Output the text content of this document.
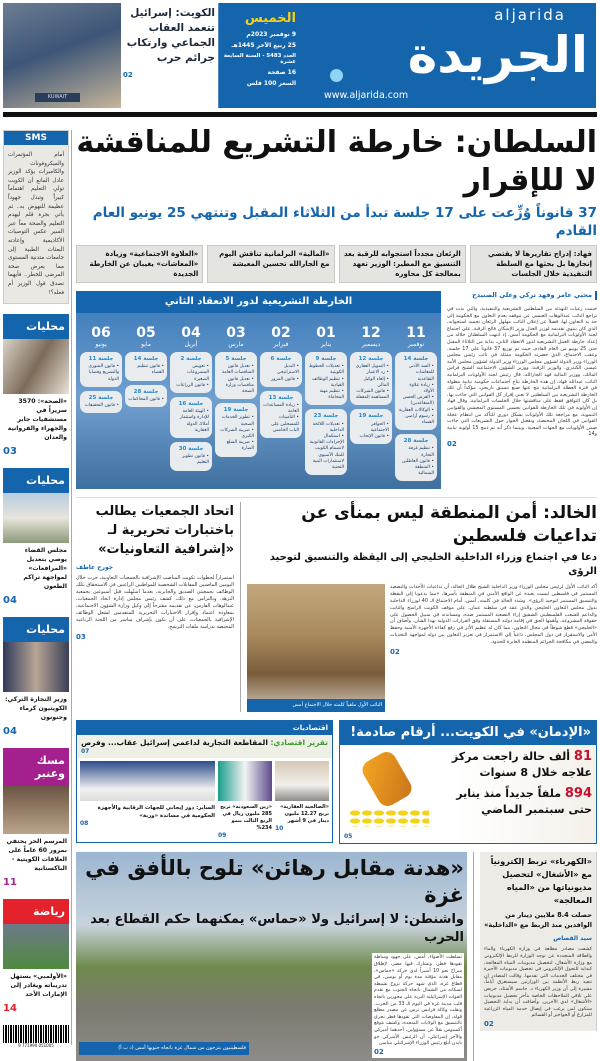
KUWAIT
الكويت: إسرائيل تتعمد العقاب الجماعي وارتكاب جرائم حرب
02
الخميس
9 نوفمبر 2023م
25 ربيع الآخر 1445هـ
العدد 5483 - السنة السابعة عشرة
16 صفحة
السعر 100 فلس
aljarida
الجريدة
www.aljarida.com
SMS
أمام المؤتمرات والميكروفونات والكاميرات يؤكد الوزير عادل المانع أن الكويت تولي التعليم اهتماماً كبيراً وتبذل جهوداً عظيمة للنهوض به.. ثم يأتي بجرة قلم ليهدم التعليم والصحة معاً عبر السير عكس التوصيات الأكاديمية وإعادته البعثات الطبية إلى جامعات متدنية المستوى مما يعرض صحة المرضى للخطر.. فأيهما نصدق قول الوزير أم فعله؟!
محليات
«الصحة»: 3570 سريراً في مستشفيات جابر والجهراء والفروانية والعدان
03
محليات
مجلس القضاء يوصي بتعديل «المرافعات» لمواجهة تراكم الطعون
04
محليات
وزير التجارة التركي: الكويتيون كرماء وحنونون
04
مسك وعنبر
المرسم الحر يحتفي بمرور 60 عاماً على العلاقات الكويتية - الباكستانية
11
رياضة
«الأولمبي» يستهل تدريباته ويغادر إلى الإمارات الأحد
14
9 771990 051005
السلطان: خارطة التشريع للمناقشة لا للإقرار
37 قانوناً وُزِّعت على 17 جلسة تبدأ من الثلاثاء المقبل وتنتهي 25 يونيو العام القادم
فهاد: إدراج تقاريرها لا يقتضي إنجازها بل بحثها مع السلطة التنفيذية خلال الجلسات
الرئعان مجدداً استجوابه للرقبة بعد التنسيق مع المطير: الوزير تعهد بمعالجة كل محاوره
«المالية» البرلمانية تناقش اليوم مع الجارالله تحسين المعيشة
«العلاوة الاجتماعية» وزيادة «المعاشات» يغيبان عن الخارطة الجديدة
محيي عامر وفهد تركي وعلي الصنيدح
خيمت رغبات التهدئة بين السلطتين التشريعية والتنفيذية، والتي بدت في تراجع النائب عبدالوهاب العيسى عن موقفه بعدم التعاون مع الحكومة إلى حد بد التعاون لها، فضلاً عن إعلان النائب مهلهل الرئعان تجميد استجوابه، الذي كان ينتوي تقديمه لوزير العدل وزير الإسكان فالح الرقبة، على اجتماع لجنة الأولويات البرلمانية مع الحكومة أمس، إذ انتهت السلطتان خلاله من إعداد خارطة العمل التشريعية لدور الانعقاد الثاني، بداية من الثلاثاء المقبل حتى 25 يونيو من العام القادم، حيث تم توزيع 37 قانوناً على 17 جلسة. وعقب الاجتماع، الذي حضرته الحكومة ممثلة في نائب رئيس مجلس الوزراء وزير الدولة لشؤون مجلس الوزراء وزير الدولة لشؤون مجلس الأمة عيسى الكندري، والوزير الرقبة، ووزير الشؤون الاجتماعية الشيخ فراس المالك، ووزير المالية فهد الجارالله، قال رئيس لجنة الأولويات البرلمانية النائب عبدالله فهاد، إن هذه الخارطة نتاج اجتماعات حكومية نيابية مطولة في فترة العطلة البرلمانية نتج عنها صنع تنسيق تاريخي، مؤكداً أن تلك الخارطة التشريعية بين السلطتين لا تعني إقرار كل القوانين التي جاءت بها، بل كان التوافق فقط على مناقشتها خلال الجلسات البرلمانية. وقال فهاد إن الأولوية في تلك الخارطة للقوانين تحسين المستوى المعيشي والقوانين التنموية، مع مراجعة تلك الأولويات بشكل دوري للتأكد من انتظام عجلة القوانين في اللجان المختصة، وتفعيل الحوار حول التشريعات التي جاءت ضمن الأولويات مع الجهات المعنية. وبينما ذكر أنه تم دمج 15 أولوية نيابية و14
02
الخارطة التشريعية لدور الانعقاد الثاني
11
نوفمبر
جلسة 14
• السد الأدنى للمعاشات التقاعدية
• زيادة علاوة الأولاد
• القرض الحسن (المتقاعدين)
• الوكالات العقارية
• رسوم أراضي الفضاء
جلسة 28
• تنظيم غرفة التجارة
• قانون العاطلين
• المنطقة الشمالية
12
ديسمبر
جلسة 12
• التمويل العقاري
• رد الاعتبار
• إلغاء الوكيل المالي
• قانون الشركات المساهمة المقفلة
جلسة 19
• الحوافز الاجتماعية
• قانون الإنجاب
01
يناير
جلسة 9
• تعديلات الخطوط الكويتية
• تنظيم الوظائف القيادية
• تنظيم مهنة المحاماة
جلسة 23
• تعديلات اللائحة الداخلية
• استكمال الإجراءات القانونية لانضمام الكويت للبنك الآسيوي لاستثمارات البنية التحتية
02
فبراير
جلسة 6
• البديل الاستراتيجي
• قانون المرور
جلسة 13
• زيادة المساعدات العامة
• التأمينات للمسجلين على الباب الخامس
03
مارس
جلسة 5
• تعديل قانون المناقصات العامة
• تعديل قانون مناقصات وزارة الصحة
جلسة 19
• تطوير الخدمات الصحية
• ضريبة الشركات الكبرى
• ضريبة السلع الضارة
04
أبريل
جلسة 2
• تعويض المشروعات الصغيرة
• قانون الزراعات
جلسة 16
• الهيئة العامة للإدارة واستثمار أملاك الدولة العقارية
جلسة 30
• قانون تطوير التعليم
05
مايو
جلسة 14
• قانون تنظيم القضاء
جلسة 28
• قانون المحاكمات
06
يونيو
جلسة 11
• قانون الشورى والتشريع وقضايا الدولة
جلسة 25
• قانون التحقيقات
الخالد: أمن المنطقة ليس بمنأى عن تداعيات فلسطين
دعا في اجتماع وزراء الداخلية الخليجي إلى اليقظة والتنسيق لتوحيد الرؤى
أكد النائب الأول لرئيس مجلس الوزراء وزير الداخلية الشيخ طلال الخالد، أن تداعيات الأحداث والتصعيد المستمر في فلسطين ليست بعيدة عن الواقع الأمني في المنطقة بأسرها، «مما يدعونا إلى اليقظة والتنسيق المستمر لتوحيد الرؤى». وشدد الخالد في كلمته، أمس، أمام الاجتماع الـ 40 لوزراء الداخلية بدول مجلس التعاون الخليجي والذي عقد في سلطنة عمان، على موقف الكويت الراسخ والثابت والداعم للشعب الفلسطيني الشقيق إزاء التصعيد المستمر ضده، ومساندته في سبيل الحصول على حقوقه المشروعة، وأهمها الحق في إقامة دولته المستقلة وفق القرارات الدولية بهذا الشأن. وأضاف أن «الخليجي» قطع شوطاً في مجال التعاون، مما كان له عظيم الأثر في رفع كفاءة الأجهزة الأمنية وحفظ الأمن والاستقرار في دول المجلس، داعياً إلى الاستمرار في تعزيز التعاون بين دوله لمواجهة التحديات والمضي في مكافحة الجرائم المنظمة العابرة للحدود.
02
النائب الأول ملقياً كلمته خلال الاجتماع أمس
اتحاد الجمعيات يطالب باختبارات تحريرية لـ «إشرافية التعاونيات»
جورج عاطف
استمراراً لخطوات تكويت المناصب الإشرافية بالجمعيات التعاونية، جرت خلال اليومين الماضيين المقابلات الشخصية للمواطنين الراغبين في الاستحقاق بتلك الوظائف بجمعيتي الصديق والجابرية، بعدما استُهلت قبل أسبوعين بجمعية النزهة. وبالتزامن مع ذلك، كشف رئيس مجلس إدارة اتحاد الجمعيات، عبدالوهاب الفارس، عن تقديمه مقترحاً إلى وكيل وزارة الشؤون الاجتماعية، بمعاودة اعتماد وإقرار الاختبارات التحريرية للمتقدمين لشغل الوظائف الإشرافية بالجمعيات، على أن تكون بإشراف مباشر من اللجنة الرباعية المختصة بدراسة ملفات الترشح.
03
«الإدمان» في الكويت... أرقام صادمة!
81 ألف حالة راجعت مركز علاجه خلال 8 سنوات
894 ملفاً جديداً منذ يناير حتى سبتمبر الماضي
05
اقتصاديات
تقرير اقتصادي: المقاطعة التجارية لداعمي إسرائيل عقاب... وفرص
07
«الصالحية العقارية» تربح 12.27 مليون دينار في 9 أشهر
10
«زين السعودية» تربح 285 مليون ريال في الربع الثالث بنمو 234%
09
الساير: دور إيجابي للجهات الرقابية والأجهزة الحكومية في مساندة «وربة»
08
«الكهرباء» تربط إلكترونياً مع «الأشغال» لتحصيل مديونياتها من «المياه المعالجة»
حصلت 8.4 ملايين دينار من الوافدين منذ الربط مع «الداخلية»
سيد القصاص
كشفت مصادر مطلعة في وزارة الكهرباء والماء والطاقة المتجددة عن توجه الوزارة للربط الإلكتروني مع وزارة الأشغال، لتحصيل مديونيات المياه المعالجة، كبداية للتحول الإلكتروني في تحصيل مديونيات الأخيرة في مختلف الخدمات التي تقدمها. وقالت المصادر إن تنفيذ ربط الأنظمة بين الوزارتين سيستغرق أياماً، مشيرة إلى أن وزير الكهرباء د. جاسم الأستاد، حريص على تلافي الملاحظات الخاصة بتأخر تحصيل مديونيات «الأشغال» لدى الآخرين. وأضافت أن بداية التحصيل ستكون لمن يرغب في إيصال خدمة المياه الزراعية للمزارع أو الجواخير أو القسائم
02
«هدنة مقابل رهائن» تلوح بالأفق في غزة
واشنطن: لا إسرائيل ولا «حماس» يمكنهما حكم القطاع بعد الحرب
تسلطت الأضواء، أمس، على جهود وساطة تقودها قطر، وتشارك فيها مصر، لإطلاق سراح نحو 10 أسيراً لدى حركة «حماس»، مقابل هدنة مؤقتة مدة يوم أو يومين، في قطاع غزة، الذي شهد حركة نزوح نشيطة لسكانه من الشمال باتجاه الجنوب مع تقدم القوات الإسرائيلية البرية على محورين باتجاه قلب مدينة غزة في اليوم الـ 33 من الحرب. ونقلت وكالة فرانس برس عن مصدر مطلع قوله، إن المفاوضات التي تقودها قطر تجري بالتنسيق مع الولايات المتحدة، وكشف موقع أكسيوس نقلاً عن مسؤولين، أحدهما أميركي والآخر إسرائيلي، أن الرئيس الأميركي جو بايدن أبلغ رئيس الوزراء الإسرائيلي بنيامين
02
فلسطينيون ينزحون من شمال غزة باتجاه جنوبها أمس (د ب أ)
